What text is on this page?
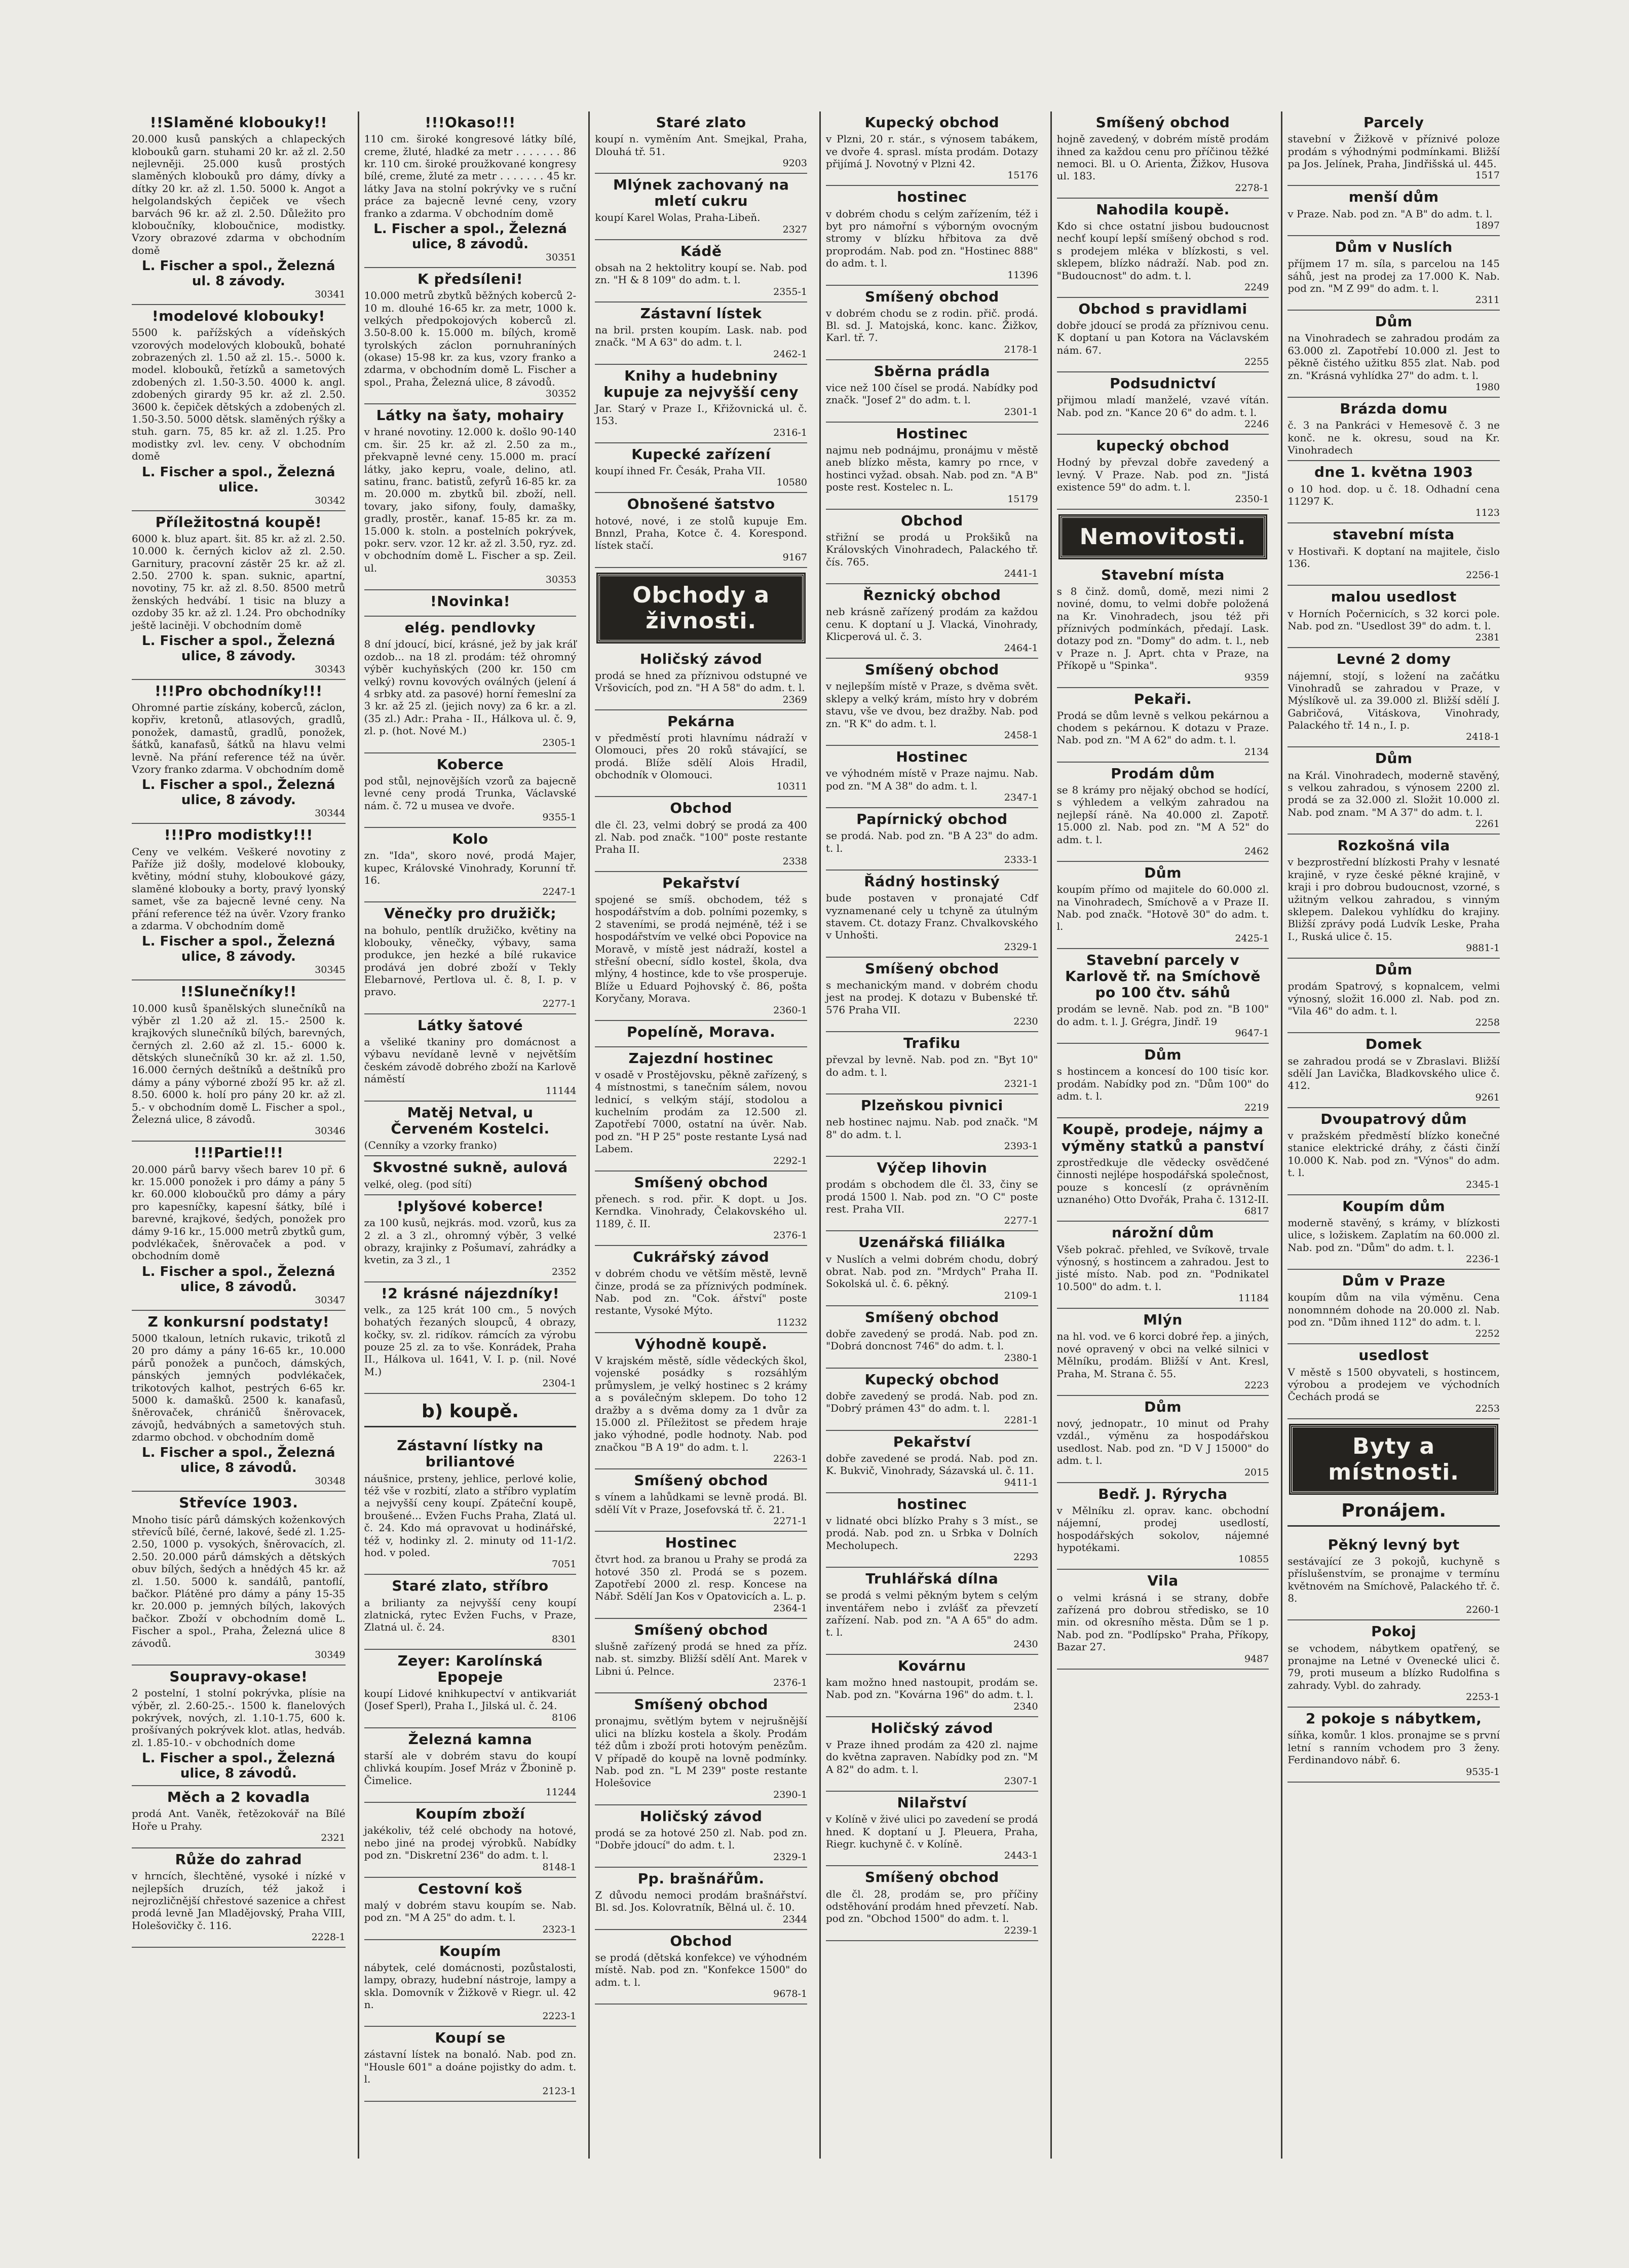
!!Slaměné klobouky!!

20.000 kusů panských a chlapeckých klobouků garn. stuhami 20 kr. až zl. 2.50 nejlevněji. 25.000 kusů prostých slaměných klobouků pro dámy, dívky a dítky 20 kr. až zl. 1.50. 5000 k. Angot a helgolandských čepiček ve všech barvách 96 kr. až zl. 2.50. Důležito pro kloboučníky, kloboučnice, modistky. Vzory obrazové zdarma v obchodním domě

L. Fischer a spol., Železná ul. 8 závody.
30341
!modelové klobouky!

5500 k. pařížských a vídeňských vzorových modelových klobouků, bohaté zobrazených zl. 1.50 až zl. 15.-. 5000 k. model. klobouků, řetízků a sametových zdobených zl. 1.50-3.50. 4000 k. angl. zdobených girardy 95 kr. až zl. 2.50. 3600 k. čepiček dětských a zdobených zl. 1.50-3.50. 5000 dětsk. slaměných rýšky a stuh. garn. 75, 85 kr. až zl. 1.25. Pro modistky zvl. lev. ceny. V obchodním domě

L. Fischer a spol., Železná ulice.
30342
Příležitostná koupě!

6000 k. bluz apart. šit. 85 kr. až zl. 2.50. 10.000 k. černých kiclov až zl. 2.50. Garnitury, pracovní zástěr 25 kr. až zl. 2.50. 2700 k. span. suknic, apartní, novotiny, 75 kr. až zl. 8.50. 8500 metrů ženských hedvábí. 1 tisic na bluzy a ozdoby 35 kr. až zl. 1.24. Pro obchodníky ještě laciněji. V obchodním domě

L. Fischer a spol., Železná ulice, 8 závody.
30343
!!!Pro obchodníky!!!

Ohromné partie získány, koberců, záclon, kopřiv, kretonů, atlasových, gradlů, ponožek, damastů, gradlů, ponožek, šátků, kanafasů, šátků na hlavu velmi levně. Na přání reference též na úvěr. Vzory franko zdarma. V obchodním domě

L. Fischer a spol., Železná ulice, 8 závody.
30344
!!!Pro modistky!!!

Ceny ve velkém. Veškeré novotiny z Paříže již došly, modelové klobouky, květiny, módní stuhy, kloboukové gázy, slaměné klobouky a borty, pravý lyonský samet, vše za bajecně levné ceny. Na přání reference též na úvěr. Vzory franko a zdarma. V obchodním domě

L. Fischer a spol., Železná ulice, 8 závody.
30345
!!Slunečníky!!

10.000 kusů španělských slunečníků na výběr zl 1.20 až zl. 15.- 2500 k. krajkových slunečníků bílých, barevných, černých zl. 2.60 až zl. 15.- 6000 k. dětských slunečníků 30 kr. až zl. 1.50, 16.000 černých deštníků a deštníků pro dámy a pány výborné zboží 95 kr. až zl. 8.50. 6000 k. holí pro pány 20 kr. až zl. 5.- v obchodním domě L. Fischer a spol., Železná ulice, 8 závodů.

30346
!!!Partie!!!

20.000 párů barvy všech barev 10 př. 6 kr. 15.000 ponožek i pro dámy a pány 5 kr. 60.000 kloboučků pro dámy a páry pro kapesníčky, kapesní šátky, bílé i barevné, krajkové, šedých, ponožek pro dámy 9-16 kr., 15.000 metrů zbytků gum, podvlékaček, šněrovaček a pod. v obchodním domě

L. Fischer a spol., Železná ulice, 8 závodů.
30347
Z konkursní podstaty!

5000 tkaloun, letních rukavic, trikotů zl 20 pro dámy a pány 16-65 kr., 10.000 párů ponožek a punčoch, dámských, pánských jemných podvlékaček, trikotových kalhot, pestrých 6-65 kr. 5000 k. damašků. 2500 k. kanafasů, šněrovaček, chráničů šněrovacek, závojů, hedvábných a sametových stuh. zdarmo obchod. v obchodním domě

L. Fischer a spol., Železná ulice, 8 závodů.
30348
Střevíce 1903.

Mnoho tisíc párů dámských koženkových střevíců bílé, černé, lakové, šedé zl. 1.25-2.50, 1000 p. vysokých, šněrovacích, zl. 2.50. 20.000 párů dámských a dětských obuv bílých, šedých a hnědých 45 kr. až zl. 1.50. 5000 k. sandálů, pantoflí, bačkor. Plátěné pro dámy a pány 15-35 kr. 20.000 p. jemných bílých, lakových bačkor. Zboží v obchodním domě L. Fischer a spol., Praha, Železná ulice 8 závodů.

30349
Soupravy-okase!

2 postelní, 1 stolní pokrývka, plísie na výběr, zl. 2.60-25.-. 1500 k. flanelových pokrývek, nových, zl. 1.10-1.75, 600 k. prošívaných pokrývek klot. atlas, hedváb. zl. 1.85-10.- v obchodních dome

L. Fischer a spol., Železná ulice, 8 závodů.
Měch a 2 kovadla

prodá Ant. Vaněk, řetězokovář na Bílé Hoře u Prahy.

2321
Růže do zahrad

v hrncích, šlechtěné, vysoké i nízké v nejlepších druzích, též jakož i nejrozličnější chřestové sazenice a chřest prodá levně Jan Mladějovský, Praha VIII, Holešovičky č. 116.

2228-1
!!!Okaso!!!

110 cm. široké kongresové látky bílé, creme, žluté, hladké za metr . . . . . . . 86 kr. 110 cm. široké proužkované kongresy bílé, creme, žluté za metr . . . . . . . 45 kr. látky Java na stolní pokrývky ve s ruční práce za bajecně levné ceny, vzory franko a zdarma. V obchodním domě

L. Fischer a spol., Železná ulice, 8 závodů.
30351
K předsíleni!

10.000 metrů zbytků běžných koberců 2-10 m. dlouhé 16-65 kr. za metr, 1000 k. velkých předpokojových koberců zl. 3.50-8.00 k. 15.000 m. bílých, kromě tyrolských záclon pornuhraníných (okase) 15-98 kr. za kus, vzory franko a zdarma, v obchodním domě L. Fischer a spol., Praha, Železná ulice, 8 závodů.

30352
Látky na šaty, mohairy

v hrané novotiny. 12.000 k. došlo 90-140 cm. šir. 25 kr. až zl. 2.50 za m., překvapně levné ceny. 15.000 m. prací látky, jako kepru, voale, delino, atl. satinu, franc. batistů, zefyrů 16-85 kr. za m. 20.000 m. zbytků bil. zboží, nell. tovary, jako sifony, fouly, damašky, gradly, prostěr., kanaf. 15-85 kr. za m. 15.000 k. stoln. a postelních pokrývek, pokr. serv. vzor. 12 kr. až zl. 3.50, ryz. zd. v obchodním domě L. Fischer a sp. Zeil. ul.

30353
!Novinka!
elég. pendlovky

8 dní jdoucí, bicí, krásné, jež by jak kráľ ozdob... na 18 zl. prodám: též ohromný výběr kuchyňských (200 kr. 150 cm velký) rovnu kovových oválných (jelení á 4 srbky atd. za pasové) horní řemeslní za 3 kr. až 25 zl. (jejich novy) za 6 kr. a zl. (35 zl.) Adr.: Praha - II., Hálkova ul. č. 9, zl. p. (hot. Nové M.)

2305-1
Koberce

pod stůl, nejnovějších vzorů za bajecně levné ceny prodá Trunka, Václavské nám. č. 72 u musea ve dvoře.

9355-1
Kolo

zn. "Ida", skoro nové, prodá Majer, kupec, Královské Vinohrady, Korunní tř. 16.

2247-1
Věnečky pro družičk;

na bohulo, pentlík družičko, květiny na klobouky, věnečky, výbavy, sama produkce, jen hezké a bílé rukavice prodává jen dobré zboží v Tekly Elebarnové, Pertlova ul. č. 8, I. p. v pravo.

2277-1
Látky šatové

a všeliké tkaniny pro domácnost a výbavu nevídaně levně v největším českém závodě dobrého zboží na Karlově náměstí

11144
Matěj Netval, u Červeném Kostelci.

(Cenníky a vzorky franko)

Skvostné sukně, aulová

velké, oleg. (pod sítí)

!plyšové koberce!

za 100 kusů, nejkrás. mod. vzorů, kus za 2 zl. a 3 zl., ohromný výběr, 3 velké obrazy, krajinky z Pošumaví, zahrádky a kvetin, za 3 zl., 1

2352
!2 krásné nájezdníky!

velk., za 125 krát 100 cm., 5 nových bohatých řezaných sloupců, 4 obrazy, kočky, sv. zl. ridíkov. rámcích za výrobu pouze 25 zl. za to vše. Konrádek, Praha II., Hálkova ul. 1641, V. I. p. (nil. Nové M.)

2304-1
b) koupě.
Zástavní lístky na briliantové

náušnice, prsteny, jehlice, perlové kolie, též vše v rozbití, zlato a stříbro vyplatím a nejvyšší ceny koupí. Zpáteční koupě, broušené... Evžen Fuchs Praha, Zlatá ul. č. 24. Kdo má opravovat u hodinářské, též v, hodinky zl. 2. minuty od 11-1/2. hod. v poled.

7051
Staré zlato, stříbro

a brilianty za nejvyšší ceny koupí zlatnická, rytec Evžen Fuchs, v Praze, Zlatná ul. č. 24.

8301
Zeyer: Karolínská Epopeje

koupí Lidové knihkupectví v antikvariát (Josef Sperl), Praha I., Jilská ul. č. 24.

8106
Železná kamna

starší ale v dobrém stavu do koupí chlivká koupím. Josef Mráz v Žbonině p. Čimelice.

11244
Koupím zboží

jakékoliv, též celé obchody na hotové, nebo jiné na prodej výrobků. Nabídky pod zn. "Diskretní 236" do adm. t. l.

8148-1
Cestovní koš

malý v dobrém stavu koupím se. Nab. pod zn. "M A 25" do adm. t. l.

2323-1
Koupím

nábytek, celé domácnosti, pozůstalosti, lampy, obrazy, hudební nástroje, lampy a skla. Domovník v Žižkově v Riegr. ul. 42 n.

2223-1
Koupí se

zástavní lístek na bonaló. Nab. pod zn. "Housle 601" a doáne pojistky do adm. t. l.

2123-1
Staré zlato

koupí n. vyměním Ant. Smejkal, Praha, Dlouhá tř. 51.

9203
Mlýnek zachovaný na mletí cukru

koupí Karel Wolas, Praha-Libeň.

2327
Kádě

obsah na 2 hektolitry koupí se. Nab. pod zn. "H & 8 109" do adm. t. l.

2355-1
Zástavní lístek

na bril. prsten koupím. Lask. nab. pod značk. "M A 63" do adm. t. l.

2462-1
Knihy a hudebniny kupuje za nejvyšší ceny

Jar. Starý v Praze I., Křižovnická ul. č. 153.

2316-1
Kupecké zařízení

koupí ihned Fr. Česák, Praha VII.

10580
Obnošené šatstvo

hotové, nové, i ze stolů kupuje Em. Bnnzl, Praha, Kotce č. 4. Korespond. lístek stačí.

9167
Obchody a živnosti.
Holičský závod

prodá se hned za příznivou odstupné ve Vršovicích, pod zn. "H A 58" do adm. t. l.

2369
Pekárna

v předměstí proti hlavnímu nádraží v Olomouci, přes 20 roků stávající, se prodá. Blíže sdělí Alois Hradil, obchodník v Olomouci.

10311
Obchod

dle čl. 23, velmi dobrý se prodá za 400 zl. Nab. pod značk. "100" poste restante Praha II.

2338
Pekařství

spojené se smíš. obchodem, též s hospodářstvím a dob. polními pozemky, s 2 staveními, se prodá nejméně, též i se hospodářstvím ve velké obci Popovice na Moravě, v místě jest nádraží, kostel a střešní obecní, sídlo kostel, škola, dva mlýny, 4 hostince, kde to vše prosperuje. Blíže u Eduard Pojhovský č. 86, pošta Koryčany, Morava.

2360-1
Popelíně, Morava.
Zajezdní hostinec

v osadě v Prostějovsku, pěkně zařízený, s 4 místnostmi, s tanečním sálem, novou lednicí, s velkým stájí, stodolou a kuchelním prodám za 12.500 zl. Zapotřebí 7000, ostatní na úvěr. Nab. pod zn. "H P 25" poste restante Lysá nad Labem.

2292-1
Smíšený obchod

přenech. s rod. přir. K dopt. u Jos. Kerndka. Vinohrady, Čelakovského ul. 1189, č. II.

2376-1
Cukrářský závod

v dobrém chodu ve větším městě, levně činze, prodá se za příznivých podmínek. Nab. pod zn. "Cok. ářství" poste restante, Vysoké Mýto.

11232
Výhodně koupě.

V krajském městě, sídle vědeckých škol, vojenské posádky s rozsáhlým průmyslem, je velký hostinec s 2 krámy a s poválečným sklepem. Do toho 12 dražby a s dvěma domy za 1 dvůr za 15.000 zl. Příležitost se předem hraje jako výhodné, podle hodnoty. Nab. pod značkou "B A 19" do adm. t. l.

2263-1
Smíšený obchod

s vínem a lahůdkami se levně prodá. Bl. sdělí Vít v Praze, Josefovská tř. č. 21.

2271-1
Hostinec

čtvrt hod. za branou u Prahy se prodá za hotové 350 zl. Prodá se s pozem. Zapotřebí 2000 zl. resp. Koncese na Nábř. Sdělí Jan Kos v Opatovicích a. L. p.

2364-1
Smíšený obchod

slušně zařízený prodá se hned za příz. nab. st. simzby. Bližší sdělí Ant. Marek v Libni ú. Pelnce.

2376-1
Smíšený obchod

pronajmu, světlým bytem v nejrušnější ulici na blízku kostela a školy. Prodám též dům i zboží proti hotovým penězům. V případě do koupě na lovně podmínky. Nab. pod zn. "L M 239" poste restante Holešovice

2390-1
Holičský závod

prodá se za hotové 250 zl. Nab. pod zn. "Dobře jdoucí" do adm. t. l.

2329-1
Pp. brašnářům.

Z důvodu nemoci prodám brašnářství. Bl. sd. Jos. Kolovratník, Bělná ul. č. 10.

2344
Obchod

se prodá (dětská konfekce) ve výhodném místě. Nab. pod zn. "Konfekce 1500" do adm. t. l.

9678-1
Kupecký obchod

v Plzni, 20 r. stár., s výnosem tabákem, ve dvoře 4. sprasl. místa prodám. Dotazy přijímá J. Novotný v Plzni 42.

15176
hostinec

v dobrém chodu s celým zařízením, též i byt pro námořní s výborným ovocným stromy v blízku hřbitova za dvě proprodám. Nab. pod zn. "Hostinec 888" do adm. t. l.

11396
Smíšený obchod

v dobrém chodu se z rodin. přič. prodá. Bl. sd. J. Matojská, konc. kanc. Žižkov, Karl. tř. 7.

2178-1
Sběrna prádla

vice než 100 čísel se prodá. Nabídky pod značk. "Josef 2" do adm. t. l.

2301-1
Hostinec

najmu neb podnájmu, pronájmu v městě aneb blízko města, kamry po rnce, v hostinci vyžad. obsah. Nab. pod zn. "A B" poste rest. Kostelec n. L.

15179
Obchod

střižní se prodá u Prokšiků na Královských Vinohradech, Palackého tř. čís. 765.

2441-1
Řeznický obchod

neb krásně zařízený prodám za každou cenu. K doptaní u J. Vlacká, Vinohrady, Klicperová ul. č. 3.

2464-1
Smíšený obchod

v nejlepším místě v Praze, s dvěma svět. sklepy a velký krám, místo hry v dobrém stavu, vše ve dvou, bez dražby. Nab. pod zn. "R K" do adm. t. l.

2458-1
Hostinec

ve výhodném místě v Praze najmu. Nab. pod zn. "M A 38" do adm. t. l.

2347-1
Papírnický obchod

se prodá. Nab. pod zn. "B A 23" do adm. t. l.

2333-1
Řádný hostinský

bude postaven v pronajaté Cdf vyznamenané cely u tchyně za útulným stavem. Ct. dotazy Franz. Chvalkovského v Unhošti.

2329-1
Smíšený obchod

s mechanickým mand. v dobrém chodu jest na prodej. K dotazu v Bubenské tř. 576 Praha VII.

2230
Trafiku

převzal by levně. Nab. pod zn. "Byt 10" do adm. t. l.

2321-1
Plzeňskou pivnici

neb hostinec najmu. Nab. pod značk. "M 8" do adm. t. l.

2393-1
Výčep lihovin

prodám s obchodem dle čl. 33, činy se prodá 1500 l. Nab. pod zn. "O C" poste rest. Praha VII.

2277-1
Uzenářská filiálka

v Nuslích a velmi dobrém chodu, dobrý obrat. Nab. pod zn. "Mrdych" Praha II. Sokolská ul. č. 6. pěkný.

2109-1
Smíšený obchod

dobře zavedený se prodá. Nab. pod zn. "Dobrá doncnost 746" do adm. t. l.

2380-1
Kupecký obchod

dobře zavedený se prodá. Nab. pod zn. "Dobrý prámen 43" do adm. t. l.

2281-1
Pekařství

dobře zavedené se prodá. Nab. pod zn. K. Bukvič, Vinohrady, Sázavská ul. č. 11.

9411-1
hostinec

v lidnaté obci blízko Prahy s 3 míst., se prodá. Nab. pod zn. u Srbka v Dolních Mecholupech.

2293
Truhlářská dílna

se prodá s velmi pěkným bytem s celým inventářem nebo i zvlášť za převzetí zařízení. Nab. pod zn. "A A 65" do adm. t. l.

2430
Kovárnu

kam možno hned nastoupit, prodám se. Nab. pod zn. "Kovárna 196" do adm. t. l.

2340
Holičský závod

v Praze ihned prodám za 420 zl. najme do května zapraven. Nabídky pod zn. "M A 82" do adm. t. l.

2307-1
Nilařství

v Kolíně v živé ulici po zavedení se prodá hned. K doptaní u J. Pleuera, Praha, Riegr. kuchyně č. v Kolíně.

2443-1
Smíšený obchod

dle čl. 28, prodám se, pro příčiny odstěhování prodám hned převzetí. Nab. pod zn. "Obchod 1500" do adm. t. l.

2239-1
Smíšený obchod

hojně zavedený, v dobrém místě prodám ihned za každou cenu pro příčinou těžké nemoci. Bl. u O. Arienta, Žižkov, Husova ul. 183.

2278-1
Nahodila koupě.

Kdo si chce ostatní jisbou budoucnost nechť koupí lepší smíšený obchod s rod. s prodejem mléka v blízkosti, s vel. sklepem, blízko nádraží. Nab. pod zn. "Budoucnost" do adm. t. l.

2249
Obchod s pravidlami

dobře jdoucí se prodá za příznivou cenu. K doptaní u pan Kotora na Václavském nám. 67.

2255
Podsudnictví

přijmou mladí manželé, vzavé vítán. Nab. pod zn. "Kance 20 6" do adm. t. l.

2246
kupecký obchod

Hodný by převzal dobře zavedený a levný. V Praze. Nab. pod zn. "Jistá existence 59" do adm. t. l.

2350-1
Nemovitosti.
Stavební místa

s 8 činž. domů, domě, mezi nimi 2 noviné, domu, to velmi dobře položená na Kr. Vinohradech, jsou též při příznivých podmínkách, předají. Lask. dotazy pod zn. "Domy" do adm. t. l., neb v Praze n. J. Aprt. chta v Praze, na Příkopě u "Spinka".

9359
Pekaři.

Prodá se dům levně s velkou pekárnou a chodem s pekárnou. K dotazu v Praze. Nab. pod zn. "M A 62" do adm. t. l.

2134
Prodám dům

se 8 krámy pro nějaký obchod se hodící, s výhledem a velkým zahradou na nejlepší ráně. Na 40.000 zl. Zapotř. 15.000 zl. Nab. pod zn. "M A 52" do adm. t. l.

2462
Dům

koupím přímo od majitele do 60.000 zl. na Vinohradech, Smíchově a v Praze II. Nab. pod značk. "Hotově 30" do adm. t. l.

2425-1
Stavební parcely v Karlově tř. na Smíchově po 100 čtv. sáhů

prodám se levně. Nab. pod zn. "B 100" do adm. t. l. J. Grégra, Jindř. 19

9647-1
Dům

s hostincem a koncesí do 100 tisíc kor. prodám. Nabídky pod zn. "Dům 100" do adm. t. l.

2219
Koupě, prodeje, nájmy a výměny statků a panství

zprostředkuje dle vědecky osvědčené činnosti nejlépe hospodářská společnost, pouze s konceslí (z oprávněním uznaného) Otto Dvořák, Praha č. 1312-II.

6817
nárožní dům

Všeb pokrač. přehled, ve Svíkově, trvale výnosný, s hostincem a zahradou. Jest to jisté místo. Nab. pod zn. "Podnikatel 10.500" do adm. t. l.

11184
Mlýn

na hl. vod. ve 6 korci dobré řep. a jiných, nové opravený v obci na velké silnici v Mělníku, prodám. Bližší v Ant. Kresl, Praha, M. Strana č. 55.

2223
Dům

nový, jednopatr., 10 minut od Prahy vzdál., výměnu za hospodářskou usedlost. Nab. pod zn. "D V J 15000" do adm. t. l.

2015
Bedř. J. Rýrycha

v Mělníku zl. oprav. kanc. obchodní nájemní, prodej usedlostí, hospodářských sokolov, nájemné hypotékami.

10855
Vila

o velmi krásná i se strany, dobře zařízená pro dobrou středisko, se 10 min. od okresního města. Dům se 1 p. Nab. pod zn. "Podlípsko" Praha, Příkopy, Bazar 27.

9487
Parcely

stavební v Žižkově v příznivé poloze prodám s výhodnými podmínkami. Bližší pa Jos. Jelínek, Praha, Jindřišská ul. 445.

1517
menší dům

v Praze. Nab. pod zn. "A B" do adm. t. l.

1897
Dům v Nuslích

příjmem 17 m. síla, s parcelou na 145 sáhů, jest na prodej za 17.000 K. Nab. pod zn. "M Z 99" do adm. t. l.

2311
Dům

na Vinohradech se zahradou prodám za 63.000 zl. Zapotřebí 10.000 zl. Jest to pěkně čistého užitku 855 zlat. Nab. pod zn. "Krásná vyhlídka 27" do adm. t. l.

1980
Brázda domu

č. 3 na Pankráci v Hemesově č. 3 ne konč. ne k. okresu, soud na Kr. Vinohradech

dne 1. května 1903

o 10 hod. dop. u č. 18. Odhadní cena 11297 K.

1123
stavební místa

v Hostivaři. K doptaní na majitele, čislo 136.

2256-1
malou usedlost

v Horních Počernicích, s 32 korci pole. Nab. pod zn. "Usedlost 39" do adm. t. l.

2381
Levné 2 domy

nájemní, stojí, s ložení na začátku Vinohradů se zahradou v Praze, v Mýslíkově ul. za 39.000 zl. Bližší sdělí J. Gabričová, Vitáskova, Vinohrady, Palackého tř. 14 n., I. p.

2418-1
Dům

na Král. Vinohradech, moderně stavěný, s velkou zahradou, s výnosem 2200 zl. prodá se za 32.000 zl. Složit 10.000 zl. Nab. pod znam. "M A 37" do adm. t. l.

2261
Rozkošná vila

v bezprostřední blízkosti Prahy v lesnaté krajině, v ryze české pěkné krajině, v kraji i pro dobrou budoucnost, vzorné, s užitným velkou zahradou, s vinným sklepem. Dalekou vyhlídku do krajiny. Bližší zprávy podá Ludvík Leske, Praha I., Ruská ulice č. 15.

9881-1
Dům

prodám Spatrový, s kopnalcem, velmi výnosný, složit 16.000 zl. Nab. pod zn. "Vila 46" do adm. t. l.

2258
Domek

se zahradou prodá se v Zbraslavi. Bližší sdělí Jan Lavička, Bladkovského ulice č. 412.

9261
Dvoupatrový dům

v pražském předměstí blízko konečné stanice elektrické dráhy, z části činží 10.000 K. Nab. pod zn. "Výnos" do adm. t. l.

2345-1
Koupím dům

moderně stavěný, s krámy, v blízkosti ulice, s ložiskem. Zaplatím na 60.000 zl. Nab. pod zn. "Dům" do adm. t. l.

2236-1
Dům v Praze

koupím dům na vila výměnu. Cena nonomnném dohode na 20.000 zl. Nab. pod zn. "Dům ihned 112" do adm. t. l.

2252
usedlost

V městě s 1500 obyvateli, s hostincem, výrobou a prodejem ve východních Čechách prodá se

2253
Byty a místnosti.
Pronájem.
Pěkný levný byt

sestávající ze 3 pokojů, kuchyně s příslušenstvím, se pronajme v termínu květnovém na Smíchově, Palackého tř. č. 8.

2260-1
Pokoj

se vchodem, nábytkem opatřený, se pronajme na Letné v Ovenecké ulici č. 79, proti museum a blízko Rudolfina s zahrady. Vybl. do zahrady.

2253-1
2 pokoje s nábytkem,

síňka, komůr. 1 klos. pronajme se s první letní s ranním vchodem pro 3 ženy. Ferdinandovo nábř. 6.

9535-1
